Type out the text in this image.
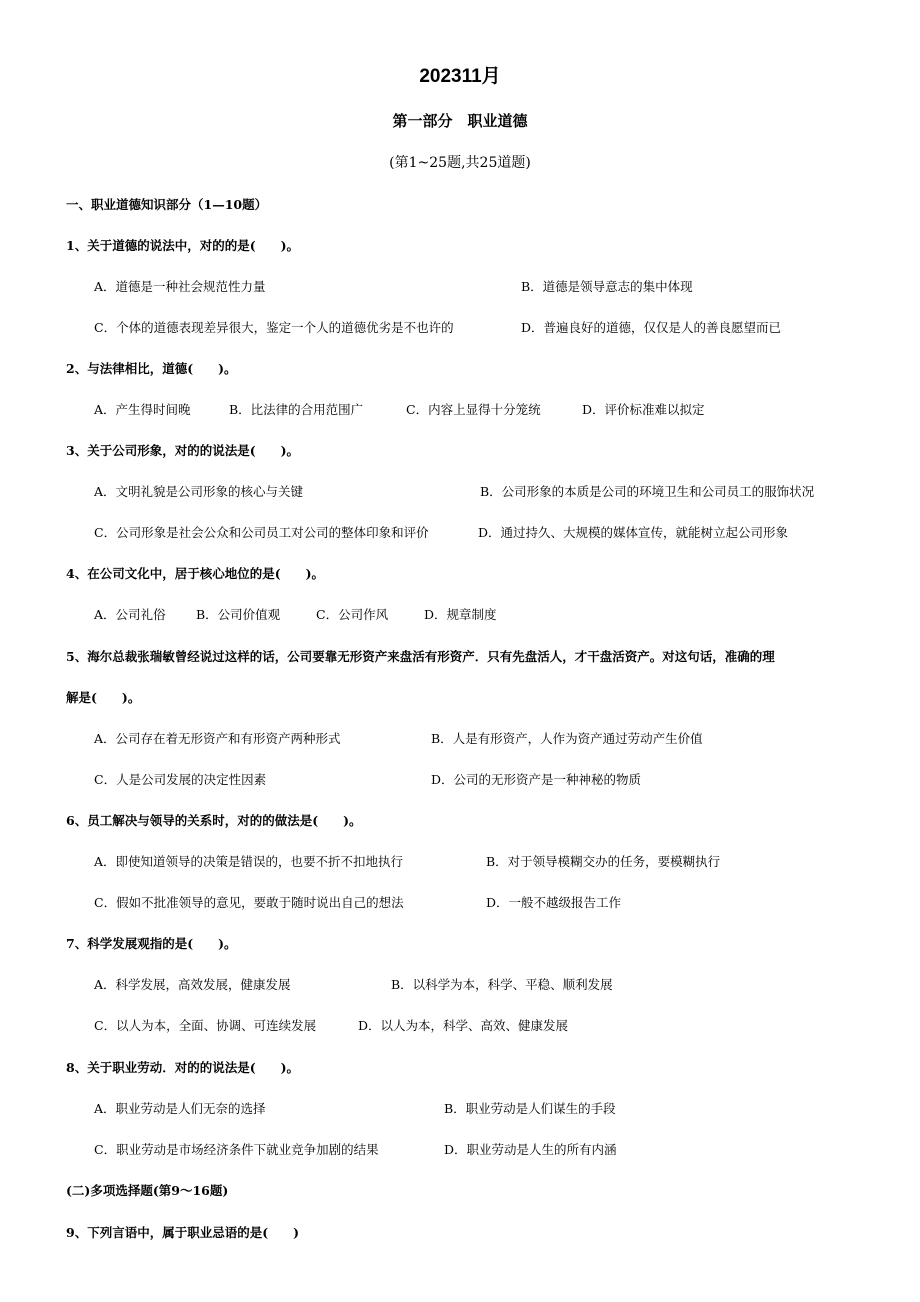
202311月
第一部分　职业道德
(第1~25题,共25道题)
一、职业道德知识部分（1—10题）
1、关于道德的说法中，对的的是(　　)。
A．道德是一种社会规范性力量	B．道德是领导意志的集中体现
C．个体的道德表现差异很大，鉴定一个人的道德优劣是不也许的	D．普遍良好的道德，仅仅是人的善良愿望而已
2、与法律相比，道德(　　)。
A．产生得时间晚	B．比法律的合用范围广	C．内容上显得十分笼统	D．评价标准难以拟定
3、关于公司形象，对的的说法是(　　)。
A．文明礼貌是公司形象的核心与关键	B．公司形象的本质是公司的环境卫生和公司员工的服饰状况
C．公司形象是社会公众和公司员工对公司的整体印象和评价	D．通过持久、大规模的媒体宣传，就能树立起公司形象
4、在公司文化中，居于核心地位的是(　　)。
A．公司礼俗 B．公司价值观	C．公司作风	D．规章制度
5、海尔总裁张瑞敏曾经说过这样的话，公司要靠无形资产来盘活有形资产．只有先盘活人，才干盘活资产。对这句话，准确的理
解是(　　)。
A．公司存在着无形资产和有形资产两种形式	B．人是有形资产，人作为资产通过劳动产生价值
C．人是公司发展的决定性因素	D．公司的无形资产是一种神秘的物质
6、员工解决与领导的关系时，对的的做法是(　　)。
A．即使知道领导的决策是错误的，也要不折不扣地执行	B．对于领导模糊交办的任务，要模糊执行
C．假如不批准领导的意见，要敢于随时说出自己的想法	D．一般不越级报告工作
7、科学发展观指的是(　　)。
A．科学发展，高效发展，健康发展	B．以科学为本，科学、平稳、顺利发展
C．以人为本，全面、协调、可连续发展	D．以人为本，科学、高效、健康发展
8、关于职业劳动．对的的说法是(　　)。
A．职业劳动是人们无奈的选择	B．职业劳动是人们谋生的手段
C．职业劳动是市场经济条件下就业竞争加剧的结果	D．职业劳动是人生的所有内涵
(二)多项选择题(第9～16题)
9、下列言语中，属于职业忌语的是(　　)
